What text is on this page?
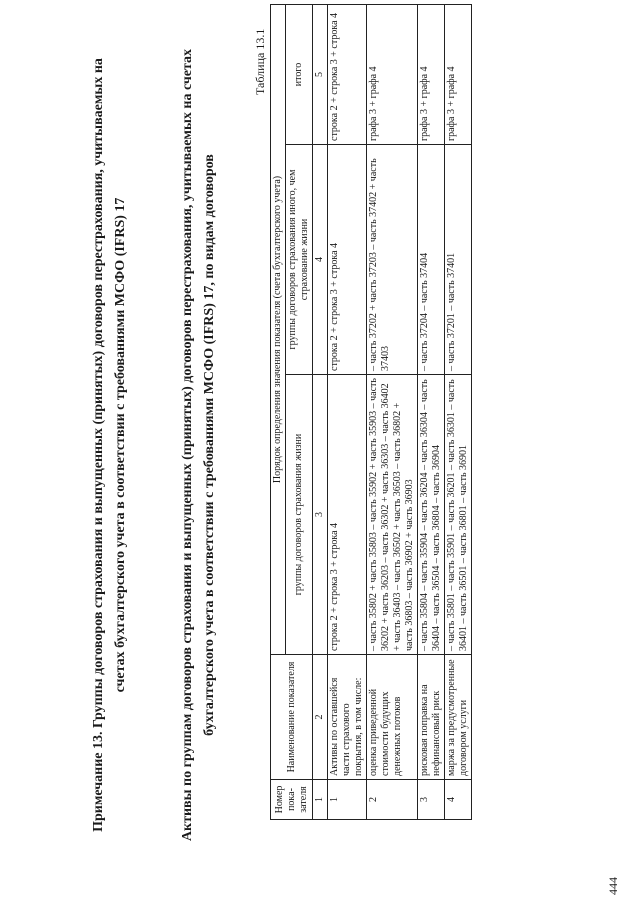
444
Примечание 13. Группы договоров страхования и выпущенных (принятых) договоров перестрахования, учитываемых на счетах бухгалтерского учета в соответствии с требованиями МСФО (IFRS) 17	Активы по группам договоров страхования и выпущенных (принятых) договоров перестрахования, учитываемых на счетах бухгалтерского учета в соответствии с требованиями МСФО (IFRS) 17, по видам договоров
Таблица 13.1
Номер пока-зателя	Наименование показателя	Порядок определения значения показателя (счета бухгалтерского учета)		
		группы договоров страхования жизни	группы договоров страхования иного, чем страхование жизни	итого
1	2	3	4	5
1	Активы по оставшейся части страхового покрытия, в том числе:	строка 2 + строка 3 + строка 4	строка 2 + строка 3 + строка 4	строка 2 + строка 3 + строка 4
2	оценка приведенной стоимости будущих денежных потоков	– часть 35802 + часть 35803 – часть 35902 + часть 35903 – часть 36202 + часть 36203 – часть 36302 + часть 36303 – часть 36402 + часть 36403 – часть 36502 + часть 36503 – часть 36802 + часть 36803 – часть 36902 + часть 36903	– часть 37202 + часть 37203 – часть 37402 + часть 37403	графа 3 + графа 4
3	рисковая поправка на нефинансовый риск	– часть 35804 – часть 35904 – часть 36204 – часть 36304 – часть 36404 – часть 36504 – часть 36804 – часть 36904	– часть 37204 – часть 37404	графа 3 + графа 4
4	маржа за предусмотренные договором услуги	– часть 35801 – часть 35901 – часть 36201 – часть 36301 – часть 36401 – часть 36501 – часть 36801 – часть 36901	– часть 37201 – часть 37401	графа 3 + графа 4
